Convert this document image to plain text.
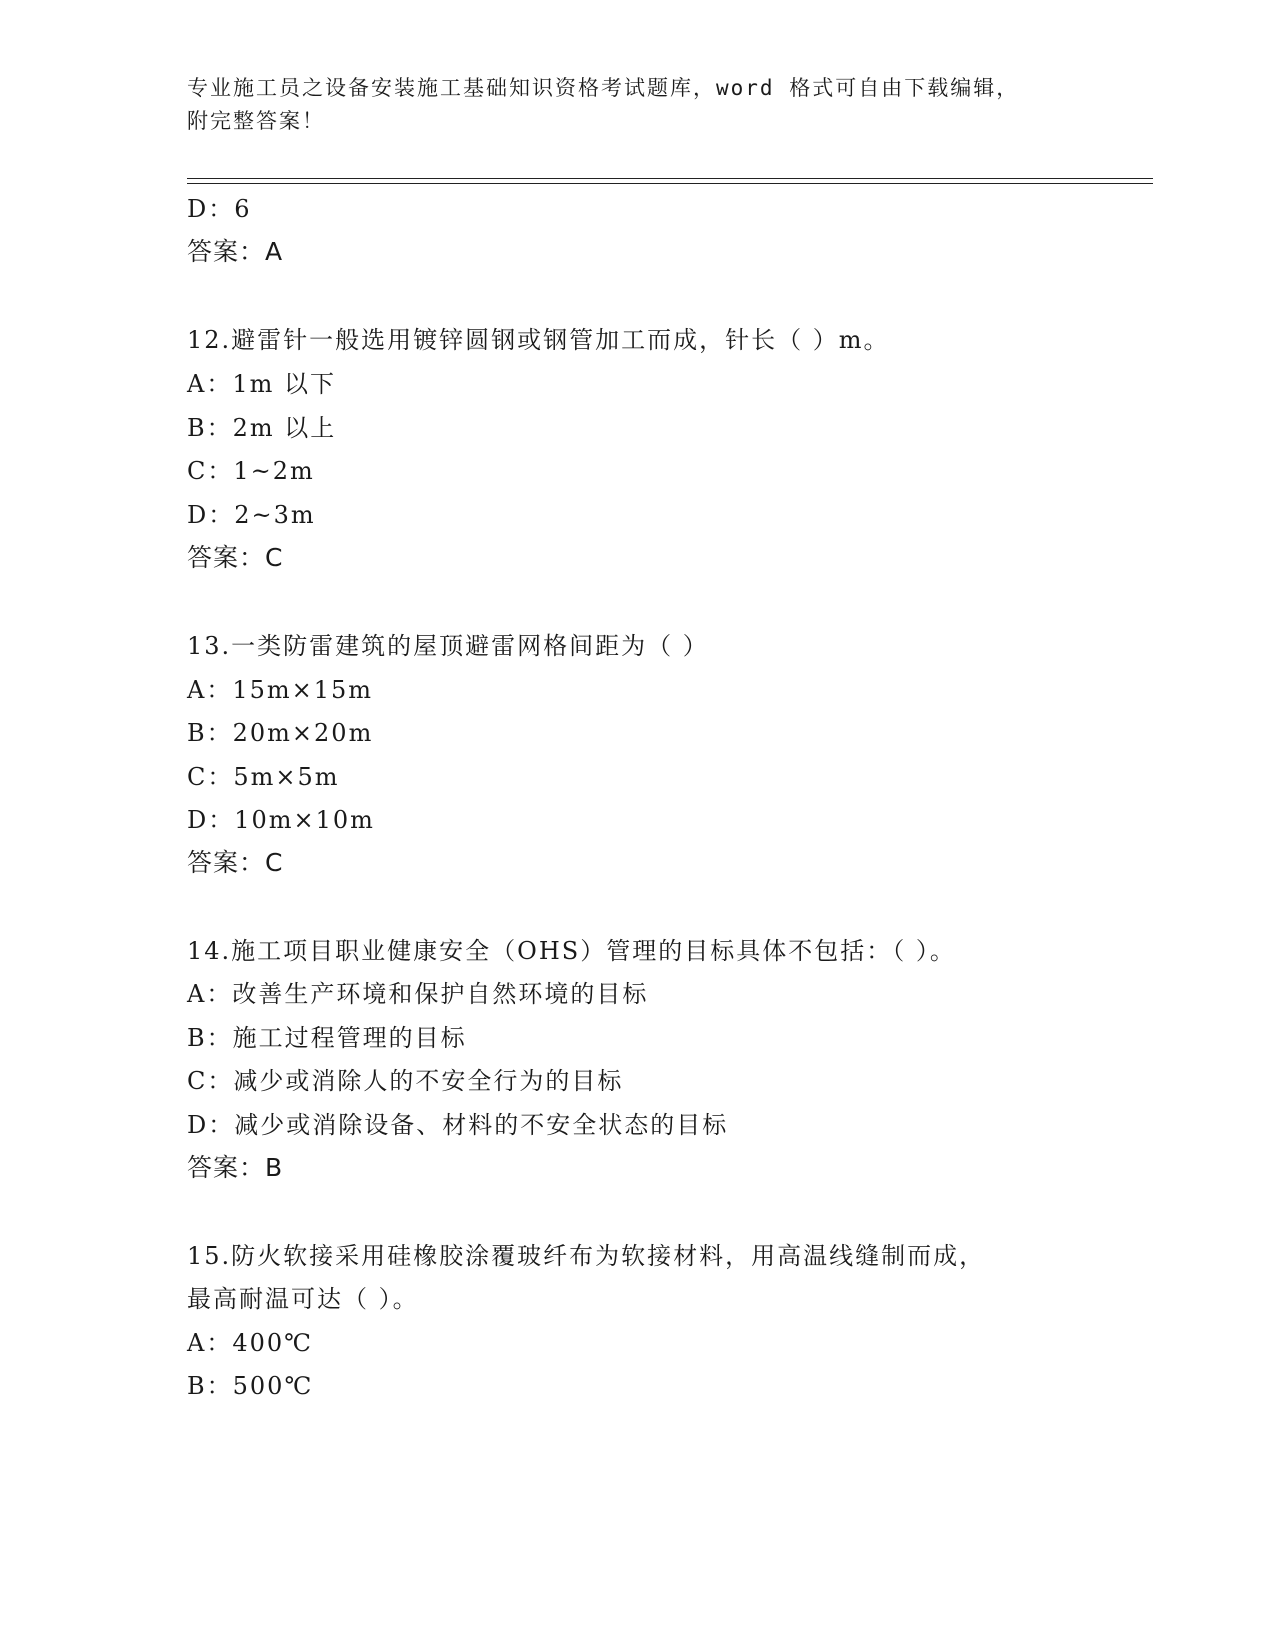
专业施工员之设备安装施工基础知识资格考试题库，word 格式可自由下载编辑，
附完整答案！
D：6
答案：A
12.避雷针一般选用镀锌圆钢或钢管加工而成，针长（ ）m。
A：1m 以下
B：2m 以上
C：1~2m
D：2~3m
答案：C
13.一类防雷建筑的屋顶避雷网格间距为（ ）
A：15m×15m
B：20m×20m
C：5m×5m
D：10m×10m
答案：C
14.施工项目职业健康安全（OHS）管理的目标具体不包括：（ ）。
A：改善生产环境和保护自然环境的目标
B：施工过程管理的目标
C：减少或消除人的不安全行为的目标
D：减少或消除设备、材料的不安全状态的目标
答案：B
15.防火软接采用硅橡胶涂覆玻纤布为软接材料，用高温线缝制而成，
最高耐温可达（ ）。
A：400℃
B：500℃
